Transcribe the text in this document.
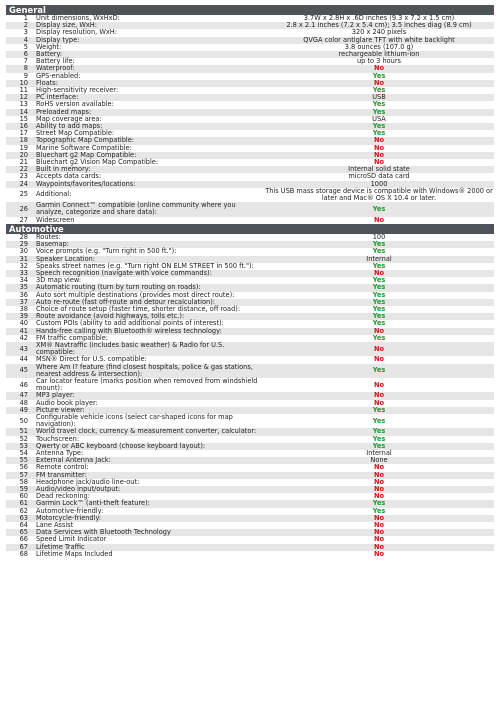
General
1	Unit dimensions, WxHxD:	3.7W x 2.8H x .6D inches (9.3 x 7.2 x 1.5 cm)
2	Display size, WxH:	2.8 x 2.1 inches (7.2 x 5.4 cm); 3.5 inches diag (8.9 cm)
3	Display resolution, WxH:	320 x 240 pixels
4	Display type:	QVGA color antiglare TFT with white backlight
5	Weight:	3.8 ounces (107.0 g)
6	Battery:	rechargeable lithium-ion
7	Battery life:	up to 3 hours
8	Waterproof:	No
9	GPS-enabled:	Yes
10	Floats:	No
11	High-sensitivity receiver:	Yes
12	PC interface:	USB
13	RoHS version available:	Yes
14	Preloaded maps:	Yes
15	Map coverage area:	USA
16	Ability to add maps:	Yes
17	Street Map Compatible:	Yes
18	Topographic Map Compatible:	No
19	Marine Software Compatible:	No
20	Bluechart g2 Map Compatible:	No
21	Bluechart g2 Vision Map Compatible:	No
22	Built in memory:	Internal solid state
23	Accepts data cards:	microSD data card
24	Waypoints/favorites/locations:	1000
25	Additional:	This USB mass storage device is compatible with Windows® 2000 or later and Mac® OS X 10.4 or later.
26	Garmin Connect™ compatible (online community where you analyze, categorize and share data):	Yes
27	Widescreen	No
Automotive
28	Routes:	100
29	Basemap:	Yes
30	Voice prompts (e.g. "Turn right in 500 ft."):	Yes
31	Speaker Location:	Internal
32	Speaks street names (e.g. "Turn right ON ELM STREET in 500 ft."):	Yes
33	Speech recognition (navigate with voice commands):	No
34	3D map view:	Yes
35	Automatic routing (turn by turn routing on roads):	Yes
36	Auto sort multiple destinations (provides most direct route):	Yes
37	Auto re-route (fast off-route and detour recalculation):	Yes
38	Choice of route setup (faster time, shorter distance, off road):	Yes
39	Route avoidance (avoid highways, tolls etc.):	Yes
40	Custom POIs (ability to add additional points of interest):	Yes
41	Hands-free calling with Bluetooth® wireless technology:	No
42	FM traffic compatible:	Yes
43	XM® Navtraffic (includes basic weather) & Radio for U.S. compatible:	No
44	MSN® Direct for U.S. compatible:	No
45	Where Am I? feature (find closest hospitals, police & gas stations, nearest address & intersection):	Yes
46	Car locator feature (marks position when removed from windshield mount):	No
47	MP3 player:	No
48	Audio book player:	No
49	Picture viewer:	Yes
50	Configurable vehicle icons (select car-shaped icons for map navigation):	Yes
51	World travel clock, currency & measurement converter, calculator:	Yes
52	Touchscreen:	Yes
53	Qwerty or ABC keyboard (choose keyboard layout):	Yes
54	Antenna Type:	Internal
55	External Antenna Jack:	None
56	Remote control:	No
57	FM transmitter:	No
58	Headphone jack/audio line-out:	No
59	Audio/video input/output:	No
60	Dead reckoning:	No
61	Garmin Lock™ (anti-theft feature):	Yes
62	Automotive-friendly:	Yes
63	Motorcycle-friendly:	No
64	Lane Assist	No
65	Data Services with Bluetooth Technology	No
66	Speed Limit Indicator	No
67	Lifetime Traffic	No
68	Lifetime Maps Included	No
